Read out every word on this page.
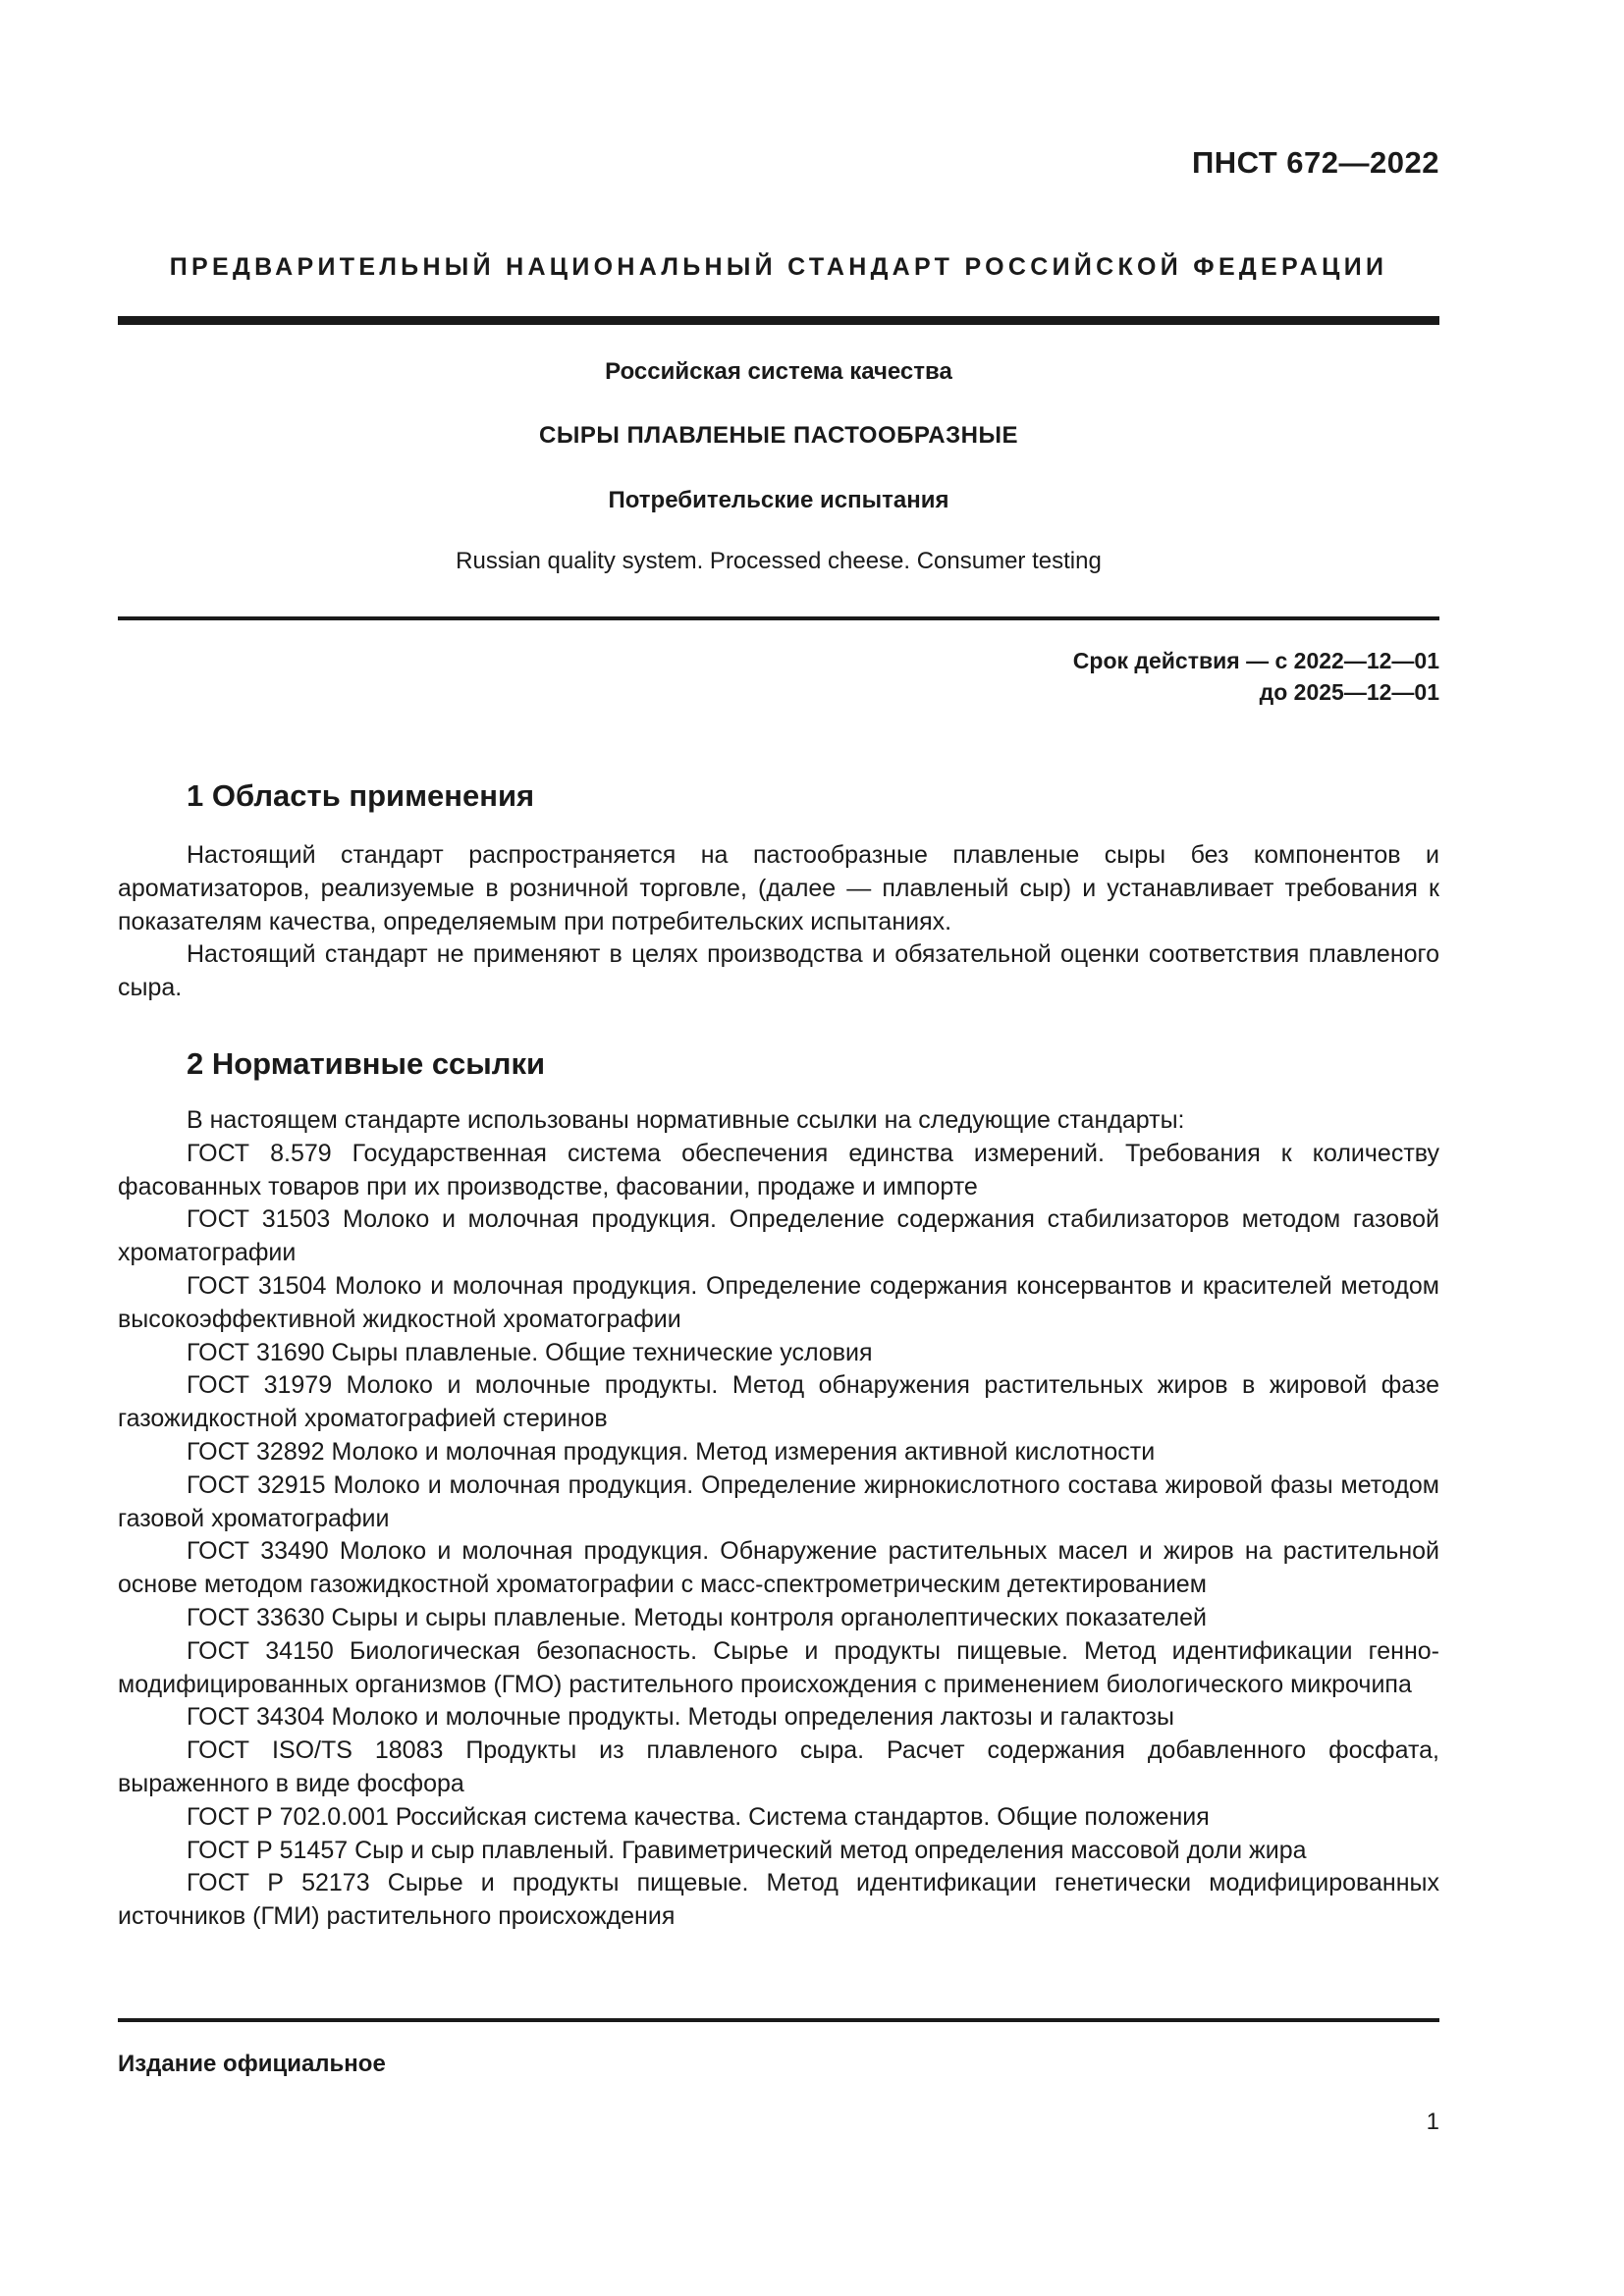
ПНСТ 672—2022
ПРЕДВАРИТЕЛЬНЫЙ НАЦИОНАЛЬНЫЙ СТАНДАРТ РОССИЙСКОЙ ФЕДЕРАЦИИ
Российская система качества
СЫРЫ ПЛАВЛЕНЫЕ ПАСТООБРАЗНЫЕ
Потребительские испытания
Russian quality system. Processed cheese. Consumer testing
Срок действия — с 2022—12—01
до 2025—12—01
1 Область применения

Настоящий стандарт распространяется на пастообразные плавленые сыры без компонентов и ароматизаторов, реализуемые в розничной торговле, (далее — плавленый сыр) и устанавливает требования к показателям качества, определяемым при потребительских испытаниях.

Настоящий стандарт не применяют в целях производства и обязательной оценки соответствия плавленого сыра.

2 Нормативные ссылки

В настоящем стандарте использованы нормативные ссылки на следующие стандарты:

ГОСТ 8.579 Государственная система обеспечения единства измерений. Требования к количеству фасованных товаров при их производстве, фасовании, продаже и импорте

ГОСТ 31503 Молоко и молочная продукция. Определение содержания стабилизаторов методом газовой хроматографии

ГОСТ 31504 Молоко и молочная продукция. Определение содержания консервантов и красителей методом высокоэффективной жидкостной хроматографии

ГОСТ 31690 Сыры плавленые. Общие технические условия

ГОСТ 31979 Молоко и молочные продукты. Метод обнаружения растительных жиров в жировой фазе газожидкостной хроматографией стеринов

ГОСТ 32892 Молоко и молочная продукция. Метод измерения активной кислотности

ГОСТ 32915 Молоко и молочная продукция. Определение жирнокислотного состава жировой фазы методом газовой хроматографии

ГОСТ 33490 Молоко и молочная продукция. Обнаружение растительных масел и жиров на растительной основе методом газожидкостной хроматографии с масс-спектрометрическим детектированием

ГОСТ 33630 Сыры и сыры плавленые. Методы контроля органолептических показателей

ГОСТ 34150 Биологическая безопасность. Сырье и продукты пищевые. Метод идентификации генно-модифицированных организмов (ГМО) растительного происхождения с применением биологического микрочипа

ГОСТ 34304 Молоко и молочные продукты. Методы определения лактозы и галактозы

ГОСТ ISO/TS 18083 Продукты из плавленого сыра. Расчет содержания добавленного фосфата, выраженного в виде фосфора

ГОСТ Р 702.0.001 Российская система качества. Система стандартов. Общие положения

ГОСТ Р 51457 Сыр и сыр плавленый. Гравиметрический метод определения массовой доли жира

ГОСТ Р 52173 Сырье и продукты пищевые. Метод идентификации генетически модифицированных источников (ГМИ) растительного происхождения

Издание официальное
1
